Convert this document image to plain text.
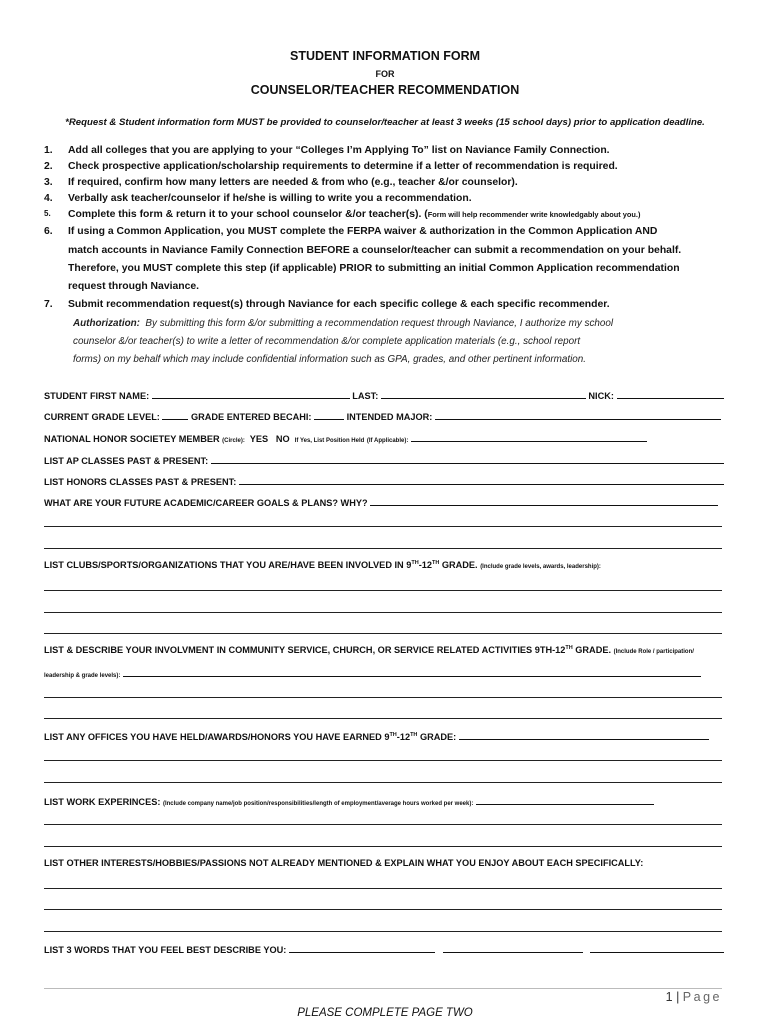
STUDENT INFORMATION FORM
FOR
COUNSELOR/TEACHER RECOMMENDATION
*Request & Student information form MUST be provided to counselor/teacher at least 3 weeks (15 school days) prior to application deadline.
1. Add all colleges that you are applying to your “Colleges I’m Applying To” list on Naviance Family Connection.
2. Check prospective application/scholarship requirements to determine if a letter of recommendation is required.
3. If required, confirm how many letters are needed & from who (e.g., teacher &/or counselor).
4. Verbally ask teacher/counselor if he/she is willing to write you a recommendation.
5. Complete this form & return it to your school counselor &/or teacher(s). (Form will help recommender write knowledgably about you.)
6. If using a Common Application, you MUST complete the FERPA waiver & authorization in the Common Application AND
match accounts in Naviance Family Connection BEFORE a counselor/teacher can submit a recommendation on your behalf.
Therefore, you MUST complete this step (if applicable) PRIOR to submitting an initial Common Application recommendation
request through Naviance.
7. Submit recommendation request(s) through Naviance for each specific college & each specific recommender.
Authorization: By submitting this form &/or submitting a recommendation request through Naviance, I authorize my school
counselor &/or teacher(s) to write a letter of recommendation &/or complete application materials (e.g., school report
forms) on my behalf which may include confidential information such as GPA, grades, and other pertinent information.
STUDENT FIRST NAME:	LAST:	NICK:
CURRENT GRADE LEVEL:	GRADE ENTERED BECAHI:	INTENDED MAJOR:
NATIONAL HONOR SOCIETEY MEMBER (Circle): YES NO If Yes, List Position Held (If Applicable):
LIST AP CLASSES PAST & PRESENT:
LIST HONORS CLASSES PAST & PRESENT:
WHAT ARE YOUR FUTURE ACADEMIC/CAREER GOALS & PLANS? WHY?
LIST CLUBS/SPORTS/ORGANIZATIONS THAT YOU ARE/HAVE BEEN INVOLVED IN 9TH-12TH GRADE. (Include grade levels, awards, leadership):
LIST & DESCRIBE YOUR INVOLVMENT IN COMMUNITY SERVICE, CHURCH, OR SERVICE RELATED ACTIVITIES 9TH-12TH GRADE. (Include Role / participation/
leadership & grade levels):
LIST ANY OFFICES YOU HAVE HELD/AWARDS/HONORS YOU HAVE EARNED 9TH-12TH GRADE:
LIST WORK EXPERINCES: (Include company name/job position/responsibilities/length of employment/average hours worked per week):
LIST OTHER INTERESTS/HOBBIES/PASSIONS NOT ALREADY MENTIONED & EXPLAIN WHAT YOU ENJOY ABOUT EACH SPECIFICALLY:
LIST 3 WORDS THAT YOU FEEL BEST DESCRIBE YOU:
1 | Page
PLEASE COMPLETE PAGE TWO
